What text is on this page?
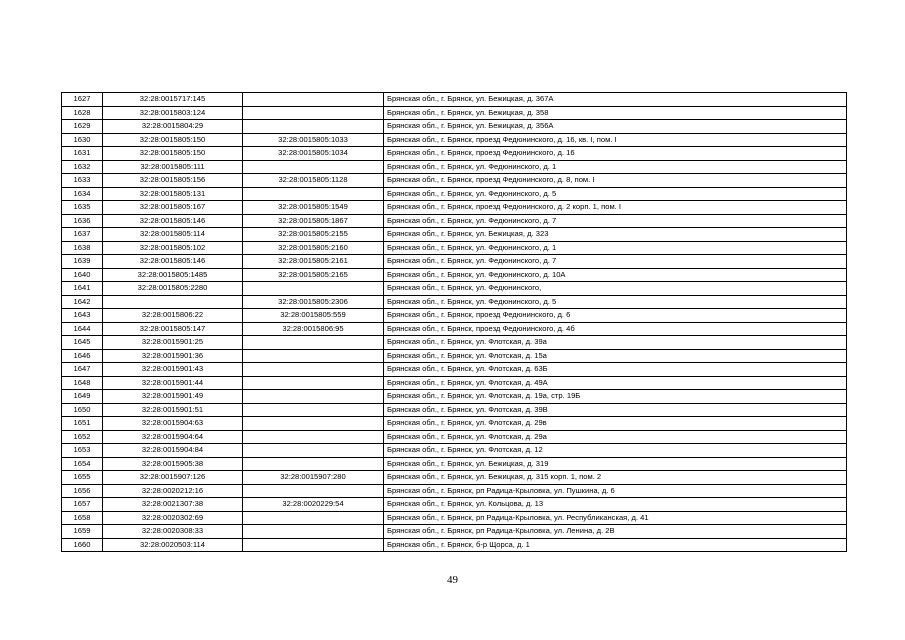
1627	32:28:0015717:145		Брянская обл., г. Брянск, ул. Бежицкая, д. 367А
1628	32:28:0015803:124		Брянская обл., г. Брянск, ул. Бежицкая, д. 358
1629	32:28:0015804:29		Брянская обл., г. Брянск, ул. Бежицкая, д. 356А
1630	32:28:0015805:150	32:28:0015805:1033	Брянская обл., г. Брянск, проезд Федюнинского, д. 16, кв. I, пом. I
1631	32:28:0015805:150	32:28:0015805:1034	Брянская обл., г. Брянск, проезд Федюнинского, д. 16
1632	32:28:0015805:111		Брянская обл., г. Брянск, ул. Федюнинского, д. 1
1633	32:28:0015805:156	32:28:0015805:1128	Брянская обл., г. Брянск, проезд Федюнинского, д. 8, пом. I
1634	32:28:0015805:131		Брянская обл., г. Брянск, ул. Федюнинского, д. 5
1635	32:28:0015805:167	32:28:0015805:1549	Брянская обл., г. Брянск, проезд Федюнинского, д. 2 корп. 1, пом. I
1636	32:28:0015805:146	32:28:0015805:1867	Брянская обл., г. Брянск, ул. Федюнинского, д. 7
1637	32:28:0015805:114	32:28:0015805:2155	Брянская обл., г. Брянск, ул. Бежицкая, д. 323
1638	32:28:0015805:102	32:28:0015805:2160	Брянская обл., г. Брянск, ул. Федюнинского, д. 1
1639	32:28:0015805:146	32:28:0015805:2161	Брянская обл., г. Брянск, ул. Федюнинского, д. 7
1640	32:28:0015805:1485	32:28:0015805:2165	Брянская обл., г. Брянск, ул. Федюнинского, д. 10А
1641	32:28:0015805:2280		Брянская обл., г. Брянск, ул. Федюнинского,
1642		32:28:0015805:2306	Брянская обл., г. Брянск, ул. Федюнинского, д. 5
1643	32:28:0015806:22	32:28:0015805:559	Брянская обл., г. Брянск, проезд Федюнинского, д. 6
1644	32:28:0015805:147	32:28:0015806:95	Брянская обл., г. Брянск, проезд Федюнинского, д. 4б
1645	32:28:0015901:25		Брянская обл., г. Брянск, ул. Флотская, д. 39а
1646	32:28:0015901:36		Брянская обл., г. Брянск, ул. Флотская, д. 15а
1647	32:28:0015901:43		Брянская обл., г. Брянск, ул. Флотская, д. 63Б
1648	32:28:0015901:44		Брянская обл., г. Брянск, ул. Флотская, д. 49А
1649	32:28:0015901:49		Брянская обл., г. Брянск, ул. Флотская, д. 19а, стр. 19Б
1650	32:28:0015901:51		Брянская обл., г. Брянск, ул. Флотская, д. 39В
1651	32:28:0015904:63		Брянская обл., г. Брянск, ул. Флотская, д. 29в
1652	32:28:0015904:64		Брянская обл., г. Брянск, ул. Флотская, д. 29а
1653	32:28:0015904:84		Брянская обл., г. Брянск, ул. Флотская, д. 12
1654	32:28:0015905:38		Брянская обл., г. Брянск, ул. Бежицкая, д. 319
1655	32:28:0015907:126	32:28:0015907:280	Брянская обл., г. Брянск, ул. Бежицкая, д. 315 корп. 1, пом. 2
1656	32:28:0020212:16		Брянская обл., г. Брянск, рп Радица-Крыловка, ул. Пушкина, д. 6
1657	32:28:0021307:38	32:28:0020229:54	Брянская обл., г. Брянск, ул. Кольцова, д. 13
1658	32:28:0020302:69		Брянская обл., г. Брянск, рп Радица-Крыловка, ул. Республиканская, д. 41
1659	32:28:0020308:33		Брянская обл., г. Брянск, рп Радица-Крыловка, ул. Ленина, д. 2В
1660	32:28:0020503:114		Брянская обл., г. Брянск, б-р Щорса, д. 1
49
